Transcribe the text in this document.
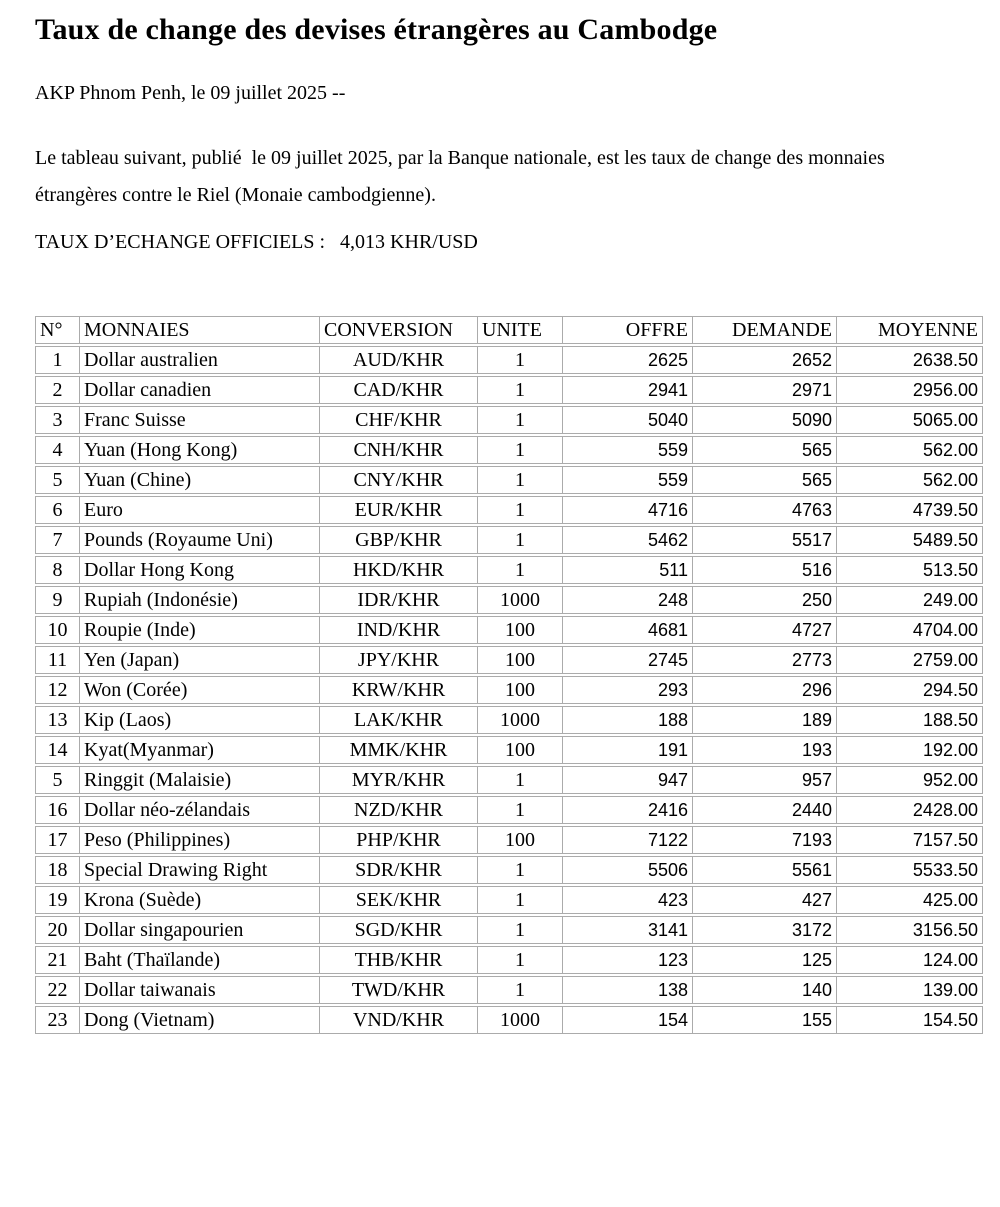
Taux de change des devises étrangères au Cambodge

AKP Phnom Penh, le 09 juillet 2025 --

Le tableau suivant, publié  le 09 juillet 2025, par la Banque nationale, est les taux de change des monnaies étrangères contre le Riel (Monaie cambodgienne).

TAUX D’ECHANGE OFFICIELS :   4,013 KHR/USD

N°	MONNAIES	CONVERSION	UNITE	OFFRE	DEMANDE	MOYENNE
1	Dollar australien	AUD/KHR	1	2625	2652	2638.50
2	Dollar canadien	CAD/KHR	1	2941	2971	2956.00
3	Franc Suisse	CHF/KHR	1	5040	5090	5065.00
4	Yuan (Hong Kong)	CNH/KHR	1	559	565	562.00
5	Yuan (Chine)	CNY/KHR	1	559	565	562.00
6	Euro	EUR/KHR	1	4716	4763	4739.50
7	Pounds (Royaume Uni)	GBP/KHR	1	5462	5517	5489.50
8	Dollar Hong Kong	HKD/KHR	1	511	516	513.50
9	Rupiah (Indonésie)	IDR/KHR	1000	248	250	249.00
10	Roupie (Inde)	IND/KHR	100	4681	4727	4704.00
11	Yen (Japan)	JPY/KHR	100	2745	2773	2759.00
12	Won (Corée)	KRW/KHR	100	293	296	294.50
13	Kip (Laos)	LAK/KHR	1000	188	189	188.50
14	Kyat(Myanmar)	MMK/KHR	100	191	193	192.00
5	Ringgit (Malaisie)	MYR/KHR	1	947	957	952.00
16	Dollar néo-zélandais	NZD/KHR	1	2416	2440	2428.00
17	Peso (Philippines)	PHP/KHR	100	7122	7193	7157.50
18	Special Drawing Right	SDR/KHR	1	5506	5561	5533.50
19	Krona (Suède)	SEK/KHR	1	423	427	425.00
20	Dollar singapourien	SGD/KHR	1	3141	3172	3156.50
21	Baht (Thaïlande)	THB/KHR	1	123	125	124.00
22	Dollar taiwanais	TWD/KHR	1	138	140	139.00
23	Dong (Vietnam)	VND/KHR	1000	154	155	154.50
